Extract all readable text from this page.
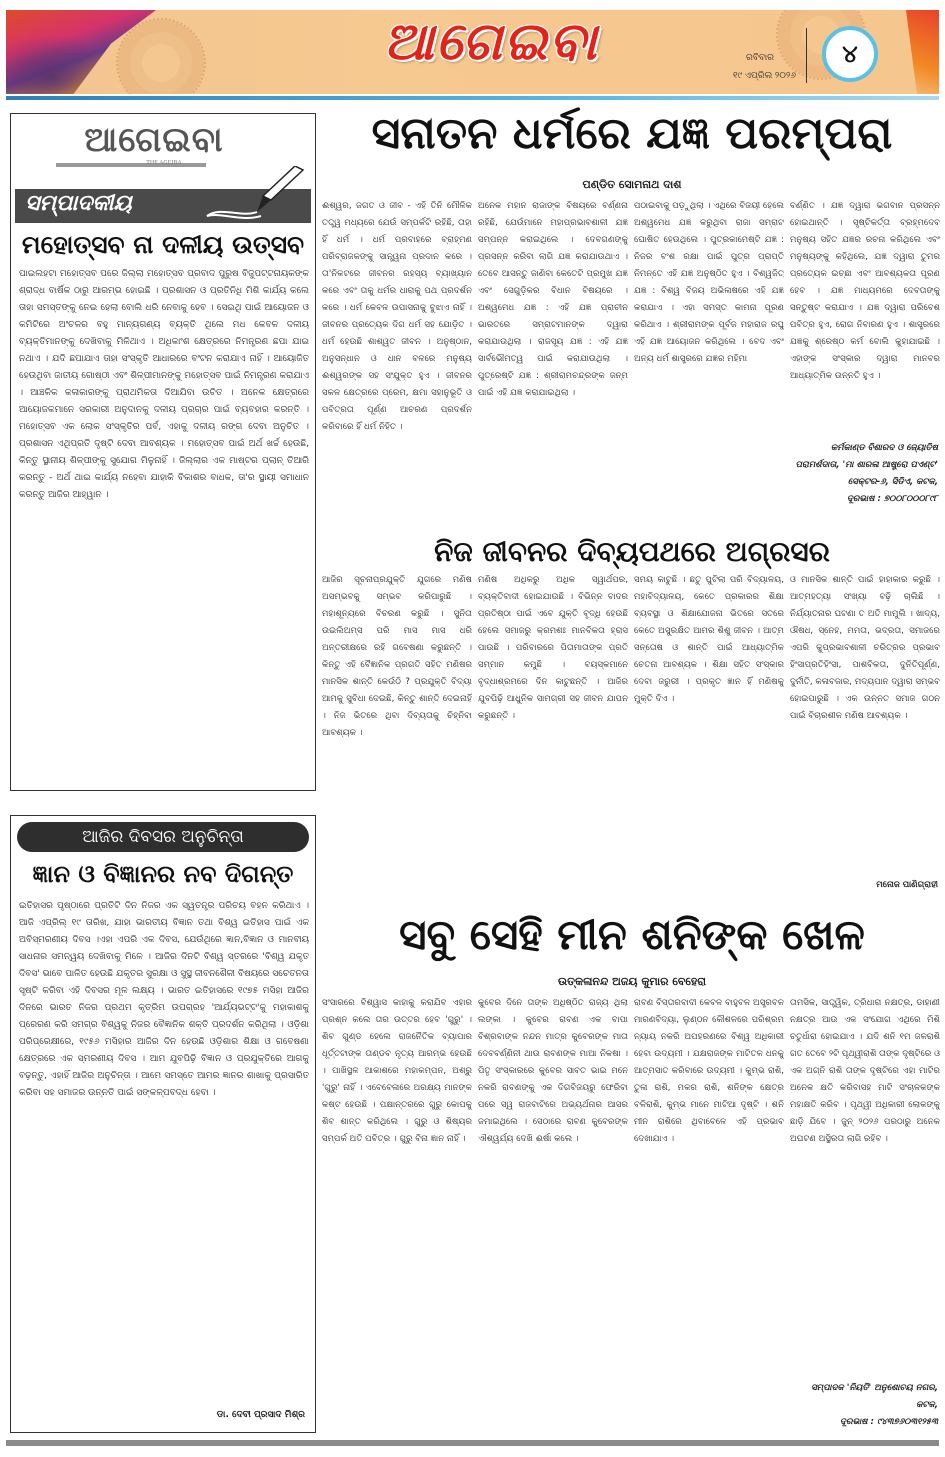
ଆଗେଇବା	ରବିବାର
୧୯ ଏପ୍ରିଲ ୨୦୨୬
୪
ଆଗେଇବା
THE AGEIBA
ସମ୍ପାଦକୀୟ
ମହୋତ୍ସବ ନା ଦଳୀୟ ଉତ୍ସବ
ପାଇଲହଟା ମହୋତ୍ସବ ପରେ ଜିଲ୍ଲା ମହୋତ୍ସବ ପ୍ରବାଦ ପୁରୁଷ ବିଜୁପଟ୍ଟନାୟକଙ୍କ ଶ୍ରାଦ୍ଧ ବାର୍ଷିକ ଠାରୁ ଆରମ୍ଭ ହୋଇଛି । ପ୍ରଶାସନ ଓ ପ୍ରତିନିଧି ମିଶି କାର୍ଯ୍ୟ କଲେ ତାହା ସମସ୍ତଙ୍କୁ ନେଇ ହେଲା ବୋଲି ଧରି ନେବାକୁ ହେବ । ସେଇଥି ପାଇଁ ଆୟୋଜନ ଓ କମିଟିରେ ଅଂଚଳର ବହୁ ମାନ୍ୟଗଣ୍ୟ ବ୍ୟକ୍ତି ଥିଲେ ମଧ କେବଳ ଦଳୀୟ ବ୍ୟକ୍ତିମାନଙ୍କୁ ଦେଖିବାକୁ ମିଳିଥାଏ । ଅଧିକାଂଶ କ୍ଷେତ୍ରରେ ନିମନ୍ତ୍ରଣ ଛପା ଯାଇ ନଥାଏ । ଯଦି ଛପାଯାଏ ତାହା ସଂସ୍କୃତି ଆଧାରରେ ବଂଟନ କରାଯାଏ ନାହିଁ । ଆୟୋଜିତ ହେଉଥିବା ଜାତୀୟ ଗୋଷ୍ଠୀ ଏବଂ ଶିଳ୍ପୀମାନଙ୍କୁ ମହୋତ୍ସବ ପାଇଁ ନିମନ୍ତ୍ରଣ କରାଯାଏ । ଆଞ୍ଚଳିକ କଳାକାରଙ୍କୁ ପ୍ରାଥମିକତା ଦିଆଯିବା ଉଚିତ । ଅନେକ କ୍ଷେତ୍ରରେ ଆୟୋଜକମାନେ ସରକାରୀ ଅନୁଦାନକୁ ଦଳୀୟ ପ୍ରଚାର ପାଇଁ ବ୍ୟବହାର କରନ୍ତି । ମହୋତ୍ସବ ଏକ ଲୋକ ସଂସ୍କୃତିର ପର୍ବ, ଏହାକୁ ଦଳୀୟ ରଙ୍ଗ ଦେବା ଅନୁଚିତ । ପ୍ରଶାସନ ଏଥିପ୍ରତି ଦୃଷ୍ଟି ଦେବା ଆବଶ୍ୟକ । ମହୋତ୍ସବ ପାଇଁ ଅର୍ଥ ଖର୍ଚ୍ଚ ହେଉଛି, କିନ୍ତୁ ସ୍ଥାନୀୟ ଶିଳ୍ପୀଙ୍କୁ ସୁଯୋଗ ମିଳୁନାହିଁ । ଜିଲ୍ଲାର ଏକ ମାଷ୍ଟର ପ୍ଲାନ୍ ତିଆରି କରନ୍ତୁ - ଅର୍ଥ ଥାଇ କାର୍ଯ୍ୟ ନହେବା ଯାହାକି ବିକାଶର ବାଧକ, ତା'ର ସ୍ଥାୟୀ ସମାଧାନ କରନ୍ତୁ ଆଜିର ଆହ୍ୱାନ ।
ଆଜିର ଦିବସର ଅନୁଚିନ୍ତା
ଜ୍ଞାନ ଓ ବିଜ୍ଞାନର ନବ ଦିଗନ୍ତ
ଇତିହାସର ପୃଷ୍ଠାରେ ପ୍ରତିଟି ଦିନ ନିଜର ଏକ ସ୍ୱତନ୍ତ୍ର ପରିଚୟ ବହନ କରିଥାଏ ।ଆଜି ଏପ୍ରିଲ୍ ୧୯ ତାରିଖ, ଯାହା ଭାରତୀୟ ବିଜ୍ଞାନ ତଥା ବିଶ୍ୱ ଇତିହାସ ପାଇଁ ଏକ ଅବିସ୍ମରଣୀୟ ଦିବସ ।ଏହା ଏପରି ଏକ ଦିବସ, ଯେଉଁଥିରେ ଜ୍ଞାନ,ବିଜ୍ଞାନ ଓ ମାନବୀୟ ସାଧନାର ସମନ୍ୱୟ ଦେଖିବାକୁ ମିଳେ । ଆଜିର ଦିନଟି ବିଶ୍ୱ ସ୍ତରରେ 'ବିଶ୍ୱ ଯକୃତ ଦିବସ' ଭାବେ ପାଳିତ ହେଉଛି ଯକୃତର ସୁରକ୍ଷା ଓ ସୁସ୍ଥ ଜୀବନଶୈଳୀ ବିଷୟରେ ସଚେତନତା ସୃଷ୍ଟି କରିବା ଏହି ଦିବସର ମୂଳ ଲକ୍ଷ୍ୟ । ଭାରତ ଇତିହାସରେ ୧୯୭୫ ମସିହା ଆଜିର ଦିନରେ ଭାରତ ନିଜର ପ୍ରଥମ କୃତ୍ରିମ ଉପଗ୍ରହ 'ଆର୍ଯ୍ୟଭଟ୍ଟ'କୁ ମହାକାଶକୁ ପ୍ରେରଣ କରି ସମଗ୍ର ବିଶ୍ୱକୁ ନିଜର ବୈଜ୍ଞାନିକ ଶକ୍ତି ପ୍ରଦର୍ଶନ କରିଥିଲା । ଓଡ଼ିଶା ପରିପ୍ରେକ୍ଷୀରେ, ୧୯୫୬ ମସିହାର ଆଜିର ଦିନ ହେଉଛି ଓଡ଼ିଶାର ଶିକ୍ଷା ଓ ଗବେଷଣା କ୍ଷେତ୍ରରେ ଏକ ସ୍ମରଣୀୟ ଦିବସ । ଆମ ଯୁବପିଢ଼ି ବିଜ୍ଞାନ ଓ ପ୍ରଯୁକ୍ତିରେ ଆଗକୁ ବଢ଼ନ୍ତୁ, ଏହାହିଁ ଆଜିର ଅନୁଚିନ୍ତା । ଆମେ ସମସ୍ତେ ଆମର ଜ୍ଞାନର ଶାଖାକୁ ପ୍ରସାରିତ କରିବା ସହ ସମାଜର ଉନ୍ନତି ପାଇଁ ସଙ୍କଳ୍ପବଦ୍ଧ ହେବା ।
ଡା. ଦେବୀ ପ୍ରସାଦ ମିଶ୍ର
ସନାତନ ଧର୍ମରେ ଯଜ୍ଞ ପରମ୍ପରା
ପଣ୍ଡିତ ସୋମନାଥ ଦାଶ
ଈଶ୍ୱର, ଜଗତ ଓ ଜୀବ - ଏହି ତିନି ମୌଳିକ ତତ୍ତ୍ୱ ମଧ୍ୟରେ ଯେଉଁ ସମ୍ପର୍କଟି ରହିଛି, ତାହା ହିଁ ଧର୍ମ । ଧର୍ମ ପ୍ରବାହରେ ବ୍ରାହ୍ମଣ ପରିବ୍ରାଜକଙ୍କୁ ସାନ୍ତ୍ୱନା ପ୍ରଦାନ କରେ । ତା'ନିକଟରେ ଜୀବନର ରହସ୍ୟ ବ୍ୟାଖ୍ୟାନ କରେ ଏବଂ ତାକୁ ଧର୍ମର ଧାରାକୁ ପଥ ପ୍ରଦର୍ଶନ କରେ । ଧର୍ମ କେବଳ ଉପାସନାକୁ ବୁଝାଏ ନାହିଁ । ଜୀବନର ପ୍ରତ୍ୟେକ ଦିଗ ଧର୍ମ ସହ ଯୋଡ଼ିତ । ଧର୍ମ ହେଉଛି ଶାଶ୍ୱତ ଜୀବନ । ଅନୁଷ୍ଠାନ, ଅନୁସନ୍ଧାନ ଓ ଧାନ ବଳରେ ମନୁଷ୍ୟ ଈଶ୍ୱରଙ୍କ ସହ ସଂଯୁକ୍ତ ହୁଏ । ଜୀବନର ସକଳ କ୍ଷେତ୍ରରେ ପ୍ରେମ, କ୍ଷମା ସହାନୁଭୂତି ଓ ପବିତ୍ରତା ପୂର୍ଣ୍ଣ ଆଚରଣ ପ୍ରଦର୍ଶନ କରିବାରେ ହିଁ ଧର୍ମ ନିହିତ ।
ଅନେକ ମହାନ ରାଜାଙ୍କ ବିଷୟରେ ବର୍ଣ୍ଣନା ରହିଛି, ଯେଉଁମାନେ ମହାପ୍ରଭାବଶାଳୀ ଯଜ୍ଞ ସମ୍ପନ୍ନ କରାଇଥିଲେ । ଦେବଗଣଙ୍କୁ ପ୍ରସନ୍ନ କରିବା ଲାଗି ଯଜ୍ଞ କରାଯାଉଥାଏ । ତେବେ ଆସନ୍ତୁ ଜାଣିବା କେତେଟି ପ୍ରମୁଖ ଯଜ୍ଞ ଏବଂ ସେଗୁଡ଼ିକର ବିଧାନ ବିଷୟରେ । ଅଶ୍ୱମେଧ ଯଜ୍ଞ : ଏହି ଯଜ୍ଞ ପ୍ରାଚୀନ ଭାରତରେ ସମ୍ରାଟମାନଙ୍କ ଦ୍ୱାରା କରାଯାଉଥିଲା । ରାଜସୂୟ ଯଜ୍ଞ : ଏହି ଯଜ୍ଞ ସାର୍ବଭୌମତ୍ୱ ପାଇଁ କରାଯାଉଥିଲା । ପୁତ୍ରେଷ୍ଟି ଯଜ୍ଞ : ଶ୍ରୀରାମଚନ୍ଦ୍ରଙ୍କ ଜନ୍ମ ପାଇଁ ଏହି ଯଜ୍ଞ କରାଯାଇଥିଲା ।
ପଠାଇବାକୁ ପଡ଼ୁଥିଲା । ଏଥିରେ ବିଜୟୀ ହେଲେ ଅଶ୍ୱମେଧ ଯଜ୍ଞ କରୁଥିବା ରାଜା ସମ୍ରାଟ ଘୋଷିତ ହେଉଥିଲେ । ପୁତ୍ରକାମେଷ୍ଟି ଯଜ୍ଞ : ନିଜର ବଂଶ ରକ୍ଷା ପାଇଁ ପୁତ୍ର ପ୍ରାପ୍ତି ନିମନ୍ତେ ଏହି ଯଜ୍ଞ ଅନୁଷ୍ଠିତ ହୁଏ । ବିଶ୍ୱଜିତ୍ ଯଜ୍ଞ : ବିଶ୍ୱ ବିଜୟ ଅଭିଳାଷରେ ଏହି ଯଜ୍ଞ କରାଯାଏ । ଏହା ସମସ୍ତ କାମନା ପୂରଣ କରିଥାଏ । ଶ୍ରୀରାମଙ୍କ ପୂର୍ବଜ ମହାରାଜ ରଘୁ ଏହି ଯଜ୍ଞ ଆୟୋଜନ କରିଥିଲେ । ବେଦ ଏବଂ ଅନ୍ୟ ଧର୍ମ ଶାସ୍ତ୍ରରେ ଯଜ୍ଞର ମହିମା
ବର୍ଣ୍ଣିତ । ଯଜ୍ଞ ଦ୍ୱାରା ଭଗବାନ ପ୍ରସନ୍ନ ହୋଇଥାନ୍ତି । ସୃଷ୍ଟିକର୍ତ୍ତା ବ୍ରହ୍ମଦେବ ମନୁଷ୍ୟ ସହିତ ଯଜ୍ଞର ରଚନା କରିଥିଲେ ଏବଂ ମନୁଷ୍ୟଙ୍କୁ କହିଥିଲେ, ଯଜ୍ଞ ଦ୍ୱାରା ତୁମର ପ୍ରତ୍ୟେକ ଇଚ୍ଛା ଏବଂ ଆବଶ୍ୟକତା ପୂରଣ ହେବ । ଯଜ୍ଞ ମାଧ୍ୟମରେ ଦେବତାଙ୍କୁ ସନ୍ତୁଷ୍ଟ କରାଯାଏ । ଯଜ୍ଞ ଦ୍ୱାରା ପରିବେଶ ପବିତ୍ର ହୁଏ, ରୋଗ ନିବାରଣ ହୁଏ । ଶାସ୍ତ୍ରରେ ଯଜ୍ଞକୁ ଶ୍ରେଷ୍ଠ କର୍ମ ବୋଲି କୁହାଯାଇଛି । ଏହାଙ୍କ ସଂସ୍କାର ଦ୍ୱାରା ମାନବର ଆଧ୍ୟାତ୍ମିକ ଉନ୍ନତି ହୁଏ ।
କର୍ମକାଣ୍ଡ ବିଶାରଦ ଓ ଜ୍ୟୋତିଷ
ପରାମର୍ଶଦାତା, 'ମା ଶାରଳା ଆଷ୍ଟ୍ରୋ ପଏଣ୍ଟ'
ସେକ୍ଟର-୬, ସିଡିଏ, କଟକ,
ଦୂରଭାଷ : ୭୦୦୮୦୦୦୮୯୮
ନିଜ ଜୀବନର ଦିବ୍ୟପଥରେ ଅଗ୍ରସର
ଆଜିର ସୂଚନାପ୍ରଯୁକ୍ତି ଯୁଗରେ ମଣିଷ ଅସମ୍ଭବକୁ ସମ୍ଭବ କରିପାରୁଛି । ମହାଶୂନ୍ୟରେ ବିଚରଣ କରୁଛି । ସୁନିତା ଉଇଲିଅମ୍ସ ପରି ମାସ ମାସ ଧରି ଅନ୍ତରୀକ୍ଷରେ ରହି ଗବେଷଣା କରୁଛନ୍ତି । କିନ୍ତୁ ଏହି ବୈଜ୍ଞାନିକ ପ୍ରଗତି ସହିତ ମଣିଷର ମାନସିକ ଶାନ୍ତି କେଉଁଠି ? ପ୍ରଯୁକ୍ତି ବିଦ୍ୟା ଆମକୁ ସୁବିଧା ଦେଇଛି, କିନ୍ତୁ ଶାନ୍ତି ଦେଇନାହିଁ । ନିଜ ଭିତରେ ଥିବା ଦିବ୍ୟତାକୁ ଚିହ୍ନିବା ଆବଶ୍ୟକ ।
ମଣିଷ ଅଧିକରୁ ଅଧିକ ସ୍ୱାର୍ଥପର, ବ୍ୟକ୍ତିବାଦୀ ହୋଇଯାଉଛି । ବିଭିନ୍ନ ବାଦର ପ୍ରତିଷ୍ଠା ପାଇଁ ଏବେ ଯୁକ୍ତି ବୃଦ୍ଧି ହେଉଛି ହେଲେ ସମାଜରୁ କ୍ରମଶଃ ମାନବିକତା ହ୍ରାସ ପାଉଛି । ପରିବାରରେ ପିତାମାତାଙ୍କ ପ୍ରତି ସମ୍ମାନ କମୁଛି । ବୟସ୍କମାନେ ବୃଦ୍ଧାଶ୍ରମରେ ଦିନ କାଟୁଛନ୍ତି । ଆଜିର ଯୁବପିଢ଼ି ଆଧୁନିକ ସାମଗ୍ରୀ ସହ ଜୀବନ ଯାପନ କରୁଛନ୍ତି ।
ସମୟ କାଟୁଛି । ଛତୁ ପୁଟିଲା ପରି ବିଦ୍ୟାଳୟ, ମହାବିଦ୍ୟାଳୟ, କେତେ ପ୍ରକାରର ଶିକ୍ଷା ବ୍ୟବସ୍ଥା ଓ ଶିକ୍ଷାଯୋଜନା ଭିତରେ ସତରେ କେତେ ଅସୁରକ୍ଷିତ ଆମର ଶିଶୁ ଜୀବନ । ଆତ୍ମ ସନ୍ତୋଷ ଓ ଶାନ୍ତି ପାଇଁ ଆଧ୍ୟାତ୍ମିକ ଚେତନା ଆବଶ୍ୟକ । ଶିକ୍ଷା ସହିତ ସଂସ୍କାର ଦେବା ଜରୁରୀ । ପ୍ରକୃତ ଜ୍ଞାନ ହିଁ ମଣିଷକୁ ମୁକ୍ତି ଦିଏ ।
ଓ ମାନସିକ ଶାନ୍ତି ପାଇଁ ହାହାକାର କରୁଛି । ଆତ୍ମହତ୍ୟା ସଂଖ୍ୟା ବଢ଼ି ଚାଲିଛି । ନିର୍ଯ୍ୟାତନାର ଘଟଣା ତ ଅତି ମାମୁଲି । ଖାଦ୍ୟ, ଔଷଧ, ସ୍ନେହ, ମମତା, ଭଦ୍ରତା, ସମାଜରେ ଏପରି କୁପ୍ରଭାବଶାଳୀ ଚରିତ୍ରର ପ୍ରଭାବ ହିଂସାପ୍ରତିହିଂସା, ପାଶବିକତା, ଦୁନିତିପୂର୍ଣ୍ଣ, ଦୁର୍ନୀତି, କଳାବଜାର, ମଦ୍ୟପାନ ଦ୍ୱାରା ସମ୍ଭବ ହୋଇପାରୁଛି । ଏକ ଉନ୍ନତ ସମାଜ ଗଠନ ପାଇଁ ବିଚାରଶୀଳ ମଣିଷ ଆବଶ୍ୟକ ।
ମନୋଜ ପାଣିଗ୍ରାହୀ
ସବୁ ସେହି ମୀନ ଶନିଙ୍କ ଖେଳ
ଉତ୍କଳାନନ୍ଦ ଅଜୟ କୁମାର ବେହେରା
ସଂସାରରେ ବିଶ୍ୱାସ କାହାକୁ କରାଯିବ ଏହାର ପ୍ରଶ୍ନ କଲେ ତାର ଉତ୍ତର ହେବ 'ଗୁରୁ' । ଶିବ ଗୁଣ୍ଡ ହେଲେ ରାଜନୈତିକ ବ୍ୟାପାର ଧୂର୍ତ୍ତଟାଙ୍କ ତାଣ୍ଡବ ନୃତ୍ୟ ଆରମ୍ଭ ହେଉଛି । ପାଖିସ୍ଥଳ ଆକାଶରେ ମହାକମ୍ପନ, ଅଶ୍ରୁ 'ଗୁରୁ' ନାହିଁ । ଏବେବେଳାରେ ଅରକ୍ଷ୍ୟ ମାନଙ୍କ କଷ୍ଟ ହେଉଛି । ପକ୍ଷାନ୍ତରରେ ଗୁରୁ କୋପକୁ ଶିବ ଶାନ୍ତ କରିଥିଲେ । ଗୁରୁ ଓ ଶିଷ୍ୟର ସମ୍ପର୍କ ଅତି ପବିତ୍ର । ଗୁରୁ ବିନା ଜ୍ଞାନ ନାହିଁ ।
କୁବେର ଦିନେ ତାଙ୍କ ଅଧିଷ୍ଠିତ ରାଜ୍ୟ ଥିଲା ଲଙ୍କା । କୁବେର ରାବଣ ଏକ ବାପା ବିଶ୍ରବାଙ୍କ ନନ୍ଦନ ମାତ୍ର କୁବେରଙ୍କ ମାତା ଦେବବର୍ଣ୍ଣିନୀ ଥାଉ ରାବଣଙ୍କ ମାଆ ନିକଷା । ପିତୃ ସଂସ୍କାରରେ କୁବେର ସାବତ ଭାଇ ମନେ ନକରି ରାବଣଙ୍କୁ ଏକ ଦିଗବିଜୟରୁ ଫେରିବା ପରେ ସ୍ୱ ରାଜବାଟିରେ ଅଭ୍ୟର୍ଥନାର ଆସର ଜମାଇଥିଲେ । ସେଠାରେ ରାବଣ କୁବେରଙ୍କ ଐଶ୍ୱର୍ଯ୍ୟ ଦେଖି ଈର୍ଷା କଲେ ।
ରାବଣ ବିସ୍ତାରବାଦୀ କେବଳ ବାହୁବଳ ଅସ୍ତ୍ରବଳ ମାରଣବିଦ୍ୟା, ଲୁଣ୍ଠନ କୌଶଳରେ ପରିଶ୍ରମ ନ୍ୟାୟ ନକରି ଅପହରଣରେ ବିଶ୍ୱ ଅଧିକାରୀ ହେବା ଉଦ୍ୟମୀ । ଯକ୍ଷରାଜଙ୍କ ମାଟିତଳ ଧନକୁ ଆତ୍ମସାତ କରିବାରେ ଉଦ୍ୟମୀ । କୁମ୍ଭ ରାଶି, ତୁଳା ରାଶି, ମକର ରାଶି, ଶନିଙ୍କ କ୍ଷେତ୍ର ବଳିରାଶି, କୁମ୍ଭ ମାନେ ମାଟିଆ ଦୃଷ୍ଟି । ଶନି ମୀନ ରାଶିରେ ଥିବାବେଳେ ଏହି ପ୍ରଭାବ ଦେଖାଯାଏ ।
ତାମସିକ, ସାତ୍ତ୍ୱିକ, ତ୍ରିଧାରା ନକ୍ଷତ୍ର, ଡାହାଣୀ ନକ୍ଷତ୍ର ଆଉ ଏକ ସଂଯୋଗ ଏଥିରେ ମିଶି ଚତୁର୍ଧାରା ହୋଇଯାଏ । ଯଦି ଶନି ୧ମ ଜଳରାଶି ଗତ ତେବେ ୨ଟି ପୃଥ୍ୱୀରାଶି ତାଙ୍କ ଦୃଷ୍ଟିରେ ଓ ଏକ ଅଗ୍ନି ରାଶି ତାଙ୍କ ଦୃଷ୍ଟିରେ ଏହା ମାଟିର ଅନେକ କ୍ଷତି କରିବାସହ ମାଟି ସଂଚାଳକଙ୍କ ମହାକ୍ଷତି କରିବ । ପୃଥ୍ୱୀ ଅଧିକାରୀ ଲୋକଙ୍କୁ ଛାଡ଼ି ଯିବେ । ଜୁନ୍ ୨୦୨୬ ପରଠାରୁ ଅନେକ ଅଘଟଣ ଅସ୍ଥିରତା ଲାଗି ରହିବ ।
ସମ୍ପାଦକ 'ନିୟତି' ଅନୁଶୋଚୟ ନଗର,
କଟକ,
ଦୂରଭାଷ : ୯୪୩୭୬୦୩୧୨୫୩
